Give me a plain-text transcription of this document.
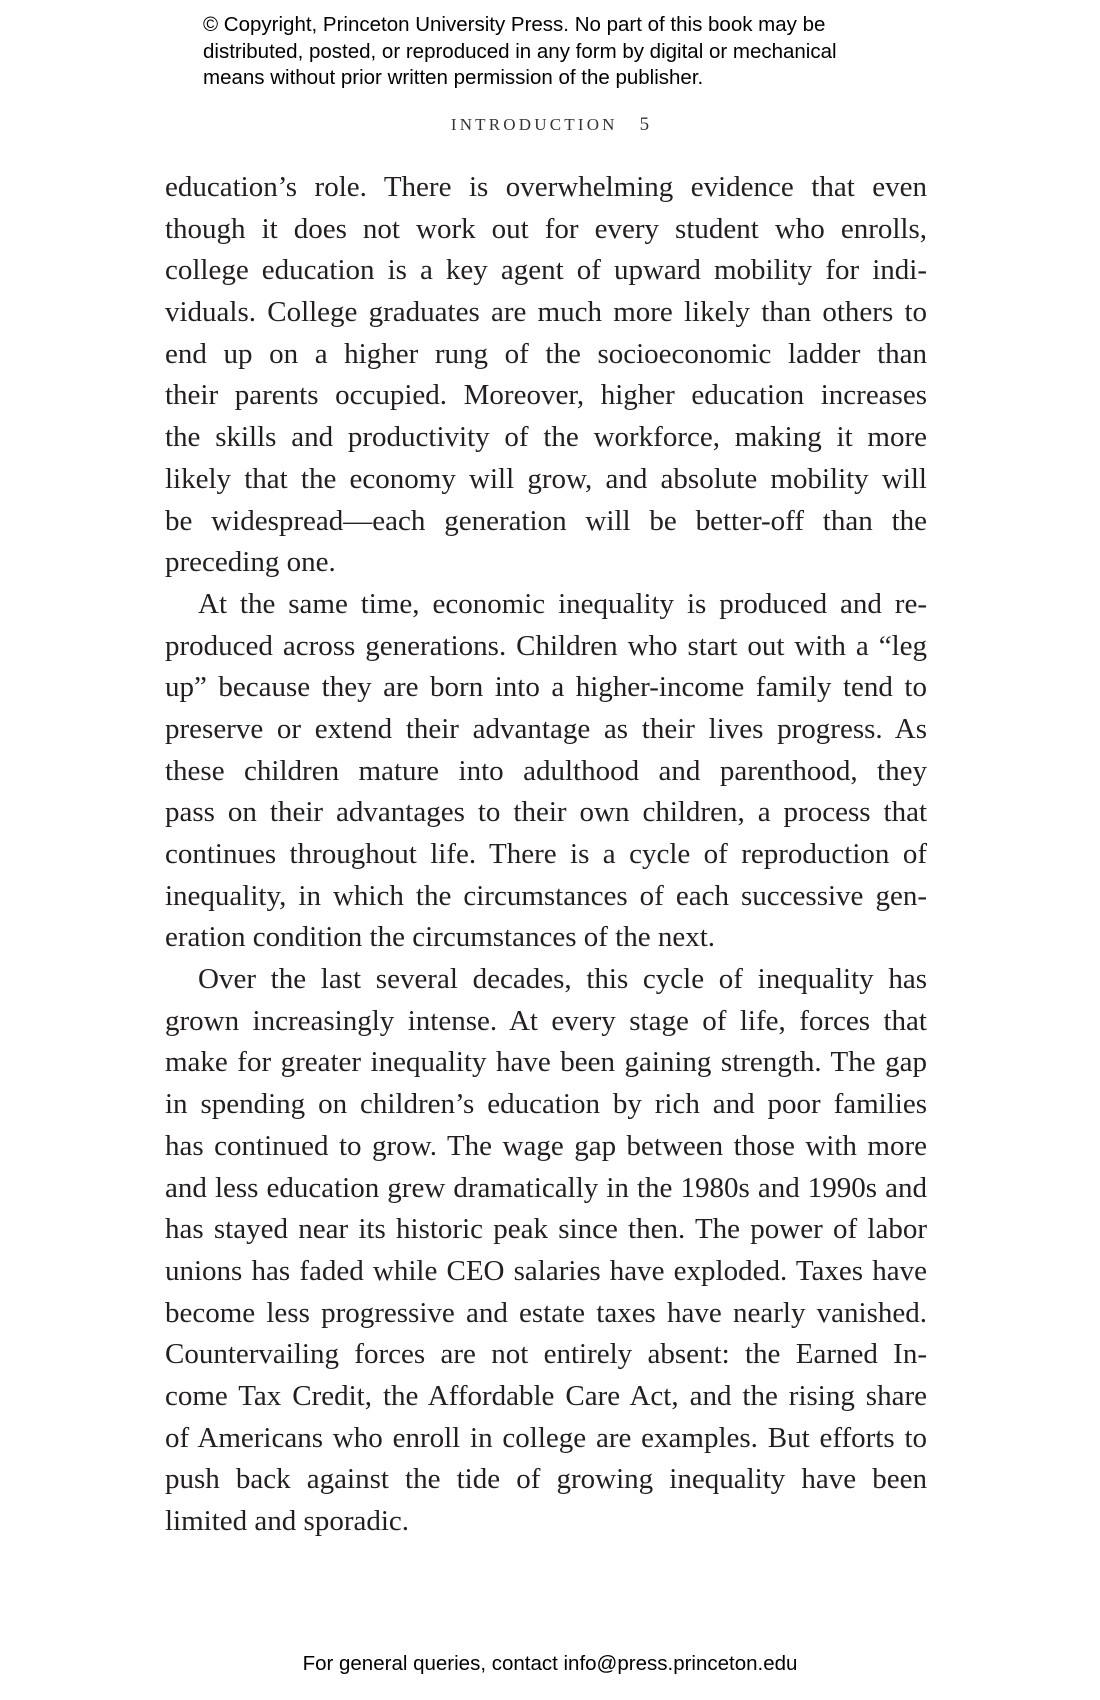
© Copyright, Princeton University Press. No part of this book may be
distributed, posted, or reproduced in any form by digital or mechanical
means without prior written permission of the publisher.
INTRODUCTION 5
education’s role. There is overwhelming evidence that even
though it does not work out for every student who enrolls,
college education is a key agent of upward mobility for indi-
viduals. College graduates are much more likely than others to
end up on a higher rung of the socioeconomic ladder than
their parents occupied. Moreover, higher education increases
the skills and productivity of the workforce, making it more
likely that the economy will grow, and absolute mobility will
be widespread—each generation will be better-off than the
preceding one.
At the same time, economic inequality is produced and re-
produced across generations. Children who start out with a “leg
up” because they are born into a higher-income family tend to
preserve or extend their advantage as their lives progress. As
these children mature into adulthood and parenthood, they
pass on their advantages to their own children, a process that
continues throughout life. There is a cycle of reproduction of
inequality, in which the circumstances of each successive gen-
eration condition the circumstances of the next.
Over the last several decades, this cycle of inequality has
grown increasingly intense. At every stage of life, forces that
make for greater inequality have been gaining strength. The gap
in spending on children’s education by rich and poor families
has continued to grow. The wage gap between those with more
and less education grew dramatically in the 1980s and 1990s and
has stayed near its historic peak since then. The power of labor
unions has faded while CEO salaries have exploded. Taxes have
become less progressive and estate taxes have nearly vanished.
Countervailing forces are not entirely absent: the Earned In-
come Tax Credit, the Affordable Care Act, and the rising share
of Americans who enroll in college are examples. But efforts to
push back against the tide of growing inequality have been
limited and sporadic.
For general queries, contact info@press.princeton.edu
